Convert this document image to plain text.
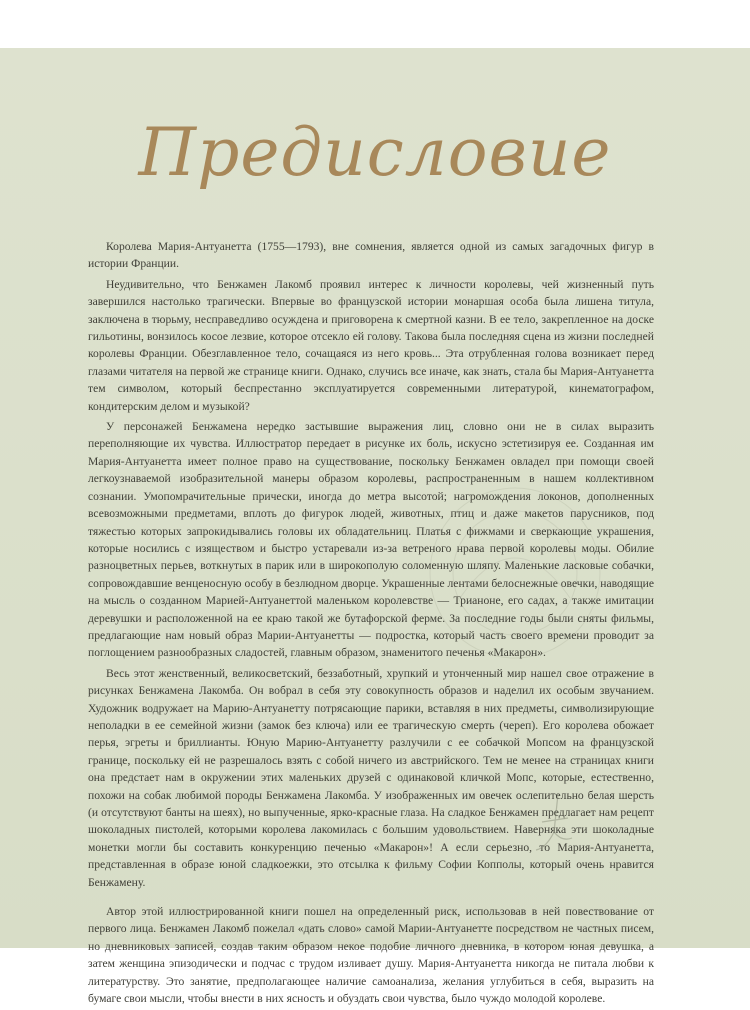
Предисловие

Королева Мария-Антуанетта (1755—1793), вне сомнения, является одной из самых загадочных фигур в истории Франции.

Неудивительно, что Бенжамен Лакомб проявил интерес к личности королевы, чей жизненный путь завершился настолько трагически. Впервые во французской истории монаршая особа была лишена титула, заключена в тюрьму, несправедливо осуждена и приговорена к смертной казни. В ее тело, закрепленное на доске гильотины, вонзилось косое лезвие, которое отсекло ей голову. Такова была последняя сцена из жизни последней королевы Франции. Обезглавленное тело, сочащаяся из него кровь... Эта отрубленная голова возникает перед глазами читателя на первой же странице книги. Однако, случись все иначе, как знать, стала бы Мария-Антуанетта тем символом, который беспрестанно эксплуатируется современными литературой, кинематографом, кондитерским делом и музыкой?

У персонажей Бенжамена нередко застывшие выражения лиц, словно они не в силах выразить переполняющие их чувства. Иллюстратор передает в рисунке их боль, искусно эстетизируя ее. Созданная им Мария-Антуанетта имеет полное право на существование, поскольку Бенжамен овладел при помощи своей легкоузнаваемой изобразительной манеры образом королевы, распространенным в нашем коллективном сознании. Умопомрачительные прически, иногда до метра высотой; нагромождения локонов, дополненных всевозможными предметами, вплоть до фигурок людей, животных, птиц и даже макетов парусников, под тяжестью которых запрокидывались головы их обладательниц. Платья с фижмами и сверкающие украшения, которые носились с изяществом и быстро устаревали из-за ветреного нрава первой королевы моды. Обилие разноцветных перьев, воткнутых в парик или в широкополую соломенную шляпу. Маленькие ласковые собачки, сопровождавшие венценосную особу в безлюдном дворце. Украшенные лентами белоснежные овечки, наводящие на мысль о созданном Марией-Антуанеттой маленьком королевстве — Трианоне, его садах, а также имитации деревушки и расположенной на ее краю такой же бутафорской ферме. За последние годы были сняты фильмы, предлагающие нам новый образ Марии-Антуанетты — подростка, который часть своего времени проводит за поглощением разнообразных сладостей, главным образом, знаменитого печенья «Макарон».

Весь этот женственный, великосветский, беззаботный, хрупкий и утонченный мир нашел свое отражение в рисунках Бенжамена Лакомба. Он вобрал в себя эту совокупность образов и наделил их особым звучанием. Художник водружает на Марию-Антуанетту потрясающие парики, вставляя в них предметы, символизирующие неполадки в ее семейной жизни (замок без ключа) или ее трагическую смерть (череп). Его королева обожает перья, эгреты и бриллианты. Юную Марию-Антуанетту разлучили с ее собачкой Мопсом на французской границе, поскольку ей не разрешалось взять с собой ничего из австрийского. Тем не менее на страницах книги она предстает нам в окружении этих маленьких друзей с одинаковой кличкой Мопс, которые, естественно, похожи на собак любимой породы Бенжамена Лакомба. У изображенных им овечек ослепительно белая шерсть (и отсутствуют банты на шеях), но выпученные, ярко-красные глаза. На сладкое Бенжамен предлагает нам рецепт шоколадных пистолей, которыми королева лакомилась с большим удовольствием. Наверняка эти шоколадные монетки могли бы составить конкуренцию печенью «Макарон»! А если серьезно, то Мария-Антуанетта, представленная в образе юной сладкоежки, это отсылка к фильму Софии Копполы, который очень нравится Бенжамену.

Автор этой иллюстрированной книги пошел на определенный риск, использовав в ней повествование от первого лица. Бенжамен Лакомб пожелал «дать слово» самой Марии-Антуанетте посредством не частных писем, но дневниковых записей, создав таким образом некое подобие личного дневника, в котором юная девушка, а затем женщина эпизодически и подчас с трудом изливает душу. Мария-Антуанетта никогда не питала любви к литературству. Это занятие, предполагающее наличие самоанализа, желания углубиться в себя, выразить на бумаге свои мысли, чтобы внести в них ясность и обуздать свои чувства, было чуждо молодой королеве.
